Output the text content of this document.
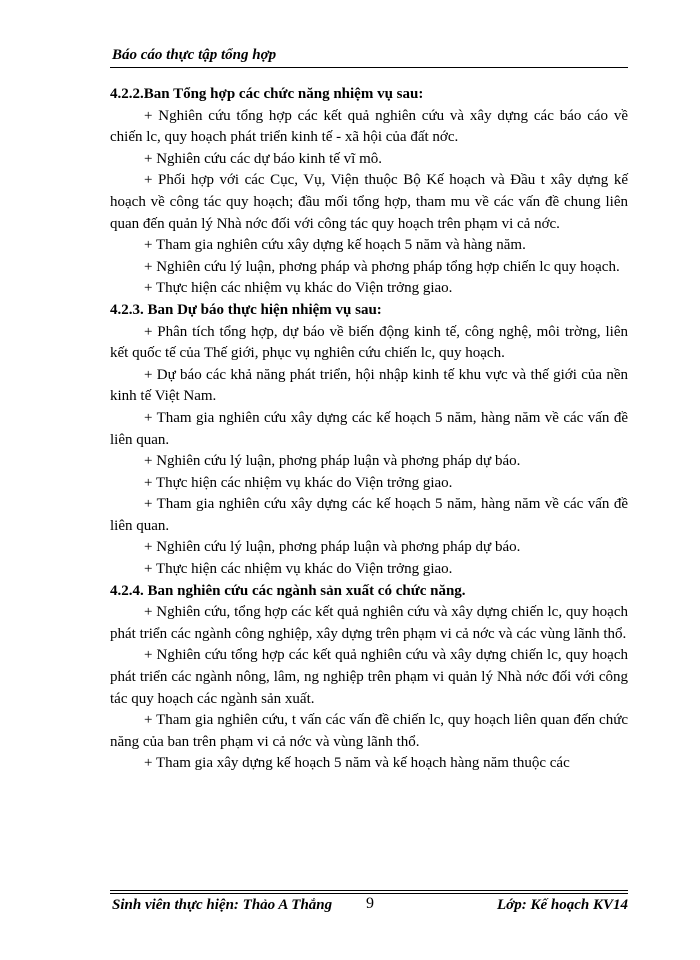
Báo cáo thực tập tổng hợp

4.2.2.Ban Tổng hợp các chức năng nhiệm vụ sau:

+ Nghiên cứu tổng hợp các kết quả nghiên cứu và xây dựng các báo cáo về chiến lc, quy hoạch phát triển kinh tế - xã hội của đất nớc.

+ Nghiên cứu các dự báo kinh tế vĩ mô.

+ Phối hợp với các Cục, Vụ, Viện thuộc Bộ Kế hoạch và Đầu t xây dựng kế hoạch về công tác quy hoạch; đầu mối tổng hợp, tham mu về các vấn đề chung liên quan đến quản lý Nhà nớc đối với công tác quy hoạch trên phạm vi cả nớc.

+ Tham gia nghiên cứu xây dựng kế hoạch 5 năm và hàng năm.

+ Nghiên cứu lý luận, phơng pháp và phơng pháp tổng hợp chiến lc quy hoạch.

+ Thực hiện các nhiệm vụ khác do Viện trởng giao.

4.2.3. Ban Dự báo thực hiện nhiệm vụ sau:

+ Phân tích tổng hợp, dự báo về biến động kinh tế, công nghệ, môi trờng, liên kết quốc tế của Thế giới, phục vụ nghiên cứu chiến lc, quy hoạch.

+ Dự báo các khả năng phát triển, hội nhập kinh tế khu vực và thế giới của nền kinh tế Việt Nam.

+ Tham gia nghiên cứu xây dựng các kế hoạch 5 năm, hàng năm về các vấn đề liên quan.

+ Nghiên cứu lý luận, phơng pháp luận và phơng pháp dự báo.

+ Thực hiện các nhiệm vụ khác do Viện trởng giao.

+ Tham gia nghiên cứu xây dựng các kế hoạch 5 năm, hàng năm về các vấn đề liên quan.

+ Nghiên cứu lý luận, phơng pháp luận và phơng pháp dự báo.

+ Thực hiện các nhiệm vụ khác do Viện trởng giao.

4.2.4. Ban nghiên cứu các ngành sản xuất có chức năng.

+ Nghiên cứu, tổng hợp các kết quả nghiên cứu và xây dựng chiến lc, quy hoạch phát triển các ngành công nghiệp, xây dựng trên phạm vi cả nớc và các vùng lãnh thổ.

+ Nghiên cứu tổng hợp các kết quả nghiên cứu và xây dựng chiến lc, quy hoạch phát triển các ngành nông, lâm, ng nghiệp trên phạm vi quản lý Nhà nớc đối với công tác quy hoạch các ngành sản xuất.

+ Tham gia nghiên cứu, t vấn các vấn đề chiến lc, quy hoạch liên quan đến chức năng của ban trên phạm vi cả nớc và vùng lãnh thổ.

+ Tham gia xây dựng kế hoạch 5 năm và kế hoạch hàng năm thuộc các

Sinh viên thực hiện: Thảo A Thắng 9	Lớp: Kế hoạch KV14
